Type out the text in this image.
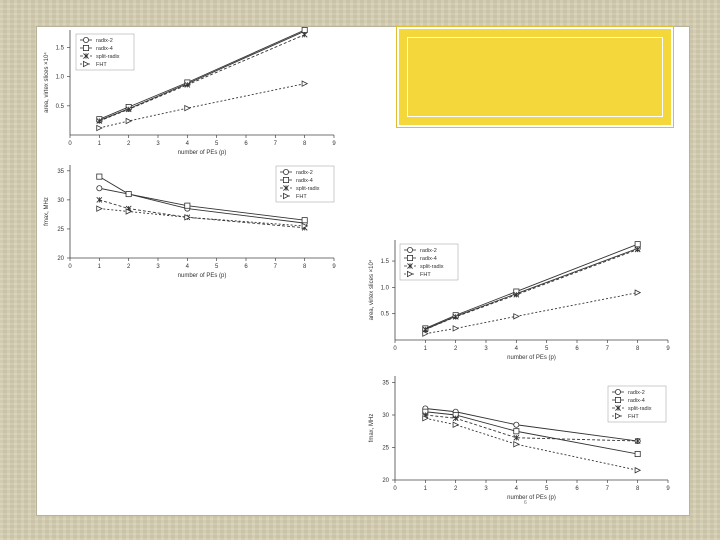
0	1	2	3	4	5	6	7	8	9
0.5
1.0
1.5
number of PEs (p)
area, virtex slices ×10⁴
radix-2
radix-4
split-radix
FHT
0	1	2	3	4	5	6	7	8	9
20
25
30
35
number of PEs (p)
fmax, MHz
radix-2
radix-4
split-radix
FHT
0	1	2	3	4	5	6	7	8	9
0.5
1.0
1.5
number of PEs (p)
area, virtex slices ×10⁴
radix-2
radix-4
split-radix
FHT
0	1	2	3	4	5	6	7	8	9
20
25
30
35
number of PEs (p)
fmax, MHz
radix-2
radix-4
split-radix
FHT
6
